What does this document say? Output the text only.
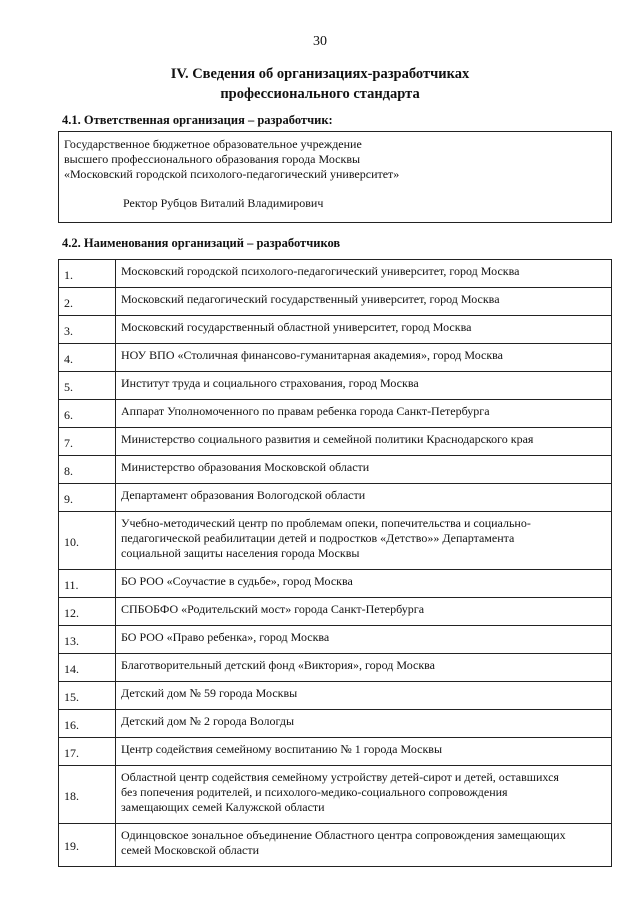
30
IV. Сведения об организациях-разработчиках
профессионального стандарта
4.1. Ответственная организация – разработчик:
Государственное бюджетное образовательное учреждение
высшего профессионального образования города Москвы
«Московский городской психолого-педагогический университет»
Ректор Рубцов Виталий Владимирович
4.2. Наименования организаций – разработчиков
1.	Московский городской психолого-педагогический университет, город Москва
2.	Московский педагогический государственный университет, город Москва
3.	Московский государственный областной университет, город Москва
4.	НОУ ВПО «Столичная финансово-гуманитарная академия», город Москва
5.	Институт труда и социального страхования, город Москва
6.	Аппарат Уполномоченного по правам ребенка города Санкт-Петербурга
7.	Министерство социального развития и семейной политики Краснодарского края
8.	Министерство образования Московской области
9.	Департамент образования Вологодской области
10.	Учебно-методический центр по проблемам опеки, попечительства и социально-
педагогической реабилитации детей и подростков «Детство»» Департамента
социальной защиты населения города Москвы

11.	БО РОО «Соучастие в судьбе», город Москва
12.	СПБОБФО «Родительский мост» города Санкт-Петербурга
13.	БО РОО «Право ребенка», город Москва
14.	Благотворительный детский фонд «Виктория», город Москва
15.	Детский дом № 59 города Москвы
16.	Детский дом № 2 города Вологды
17.	Центр содействия семейному воспитанию № 1 города Москвы
18.	Областной центр содействия семейному устройству детей-сирот и детей, оставшихся
без попечения родителей, и психолого-медико-социального сопровождения
замещающих семей Калужской области

19.	Одинцовское зональное объединение Областного центра сопровождения замещающих
семей Московской области
